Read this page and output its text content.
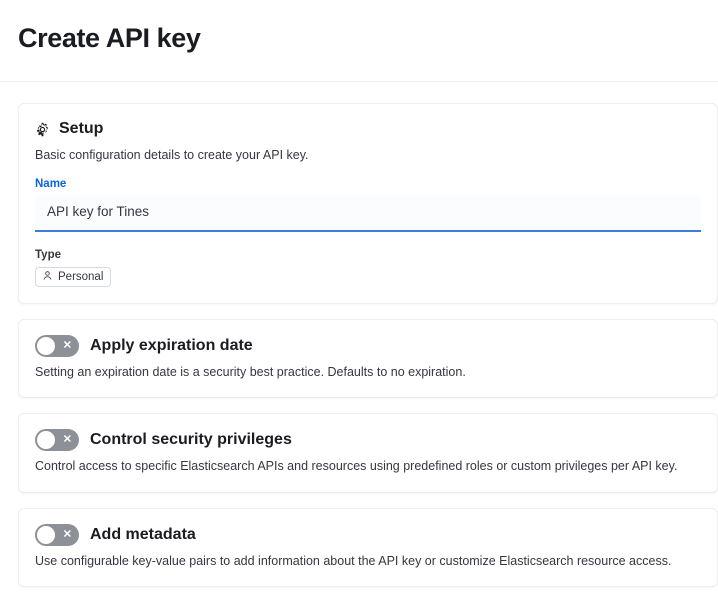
Create API key
Setup
Basic configuration details to create your API key.
Name
API key for Tines
Type
Personal
✕ Apply expiration date
Setting an expiration date is a security best practice. Defaults to no expiration.
✕ Control security privileges
Control access to specific Elasticsearch APIs and resources using predefined roles or custom privileges per API key.
✕ Add metadata
Use configurable key-value pairs to add information about the API key or customize Elasticsearch resource access.
